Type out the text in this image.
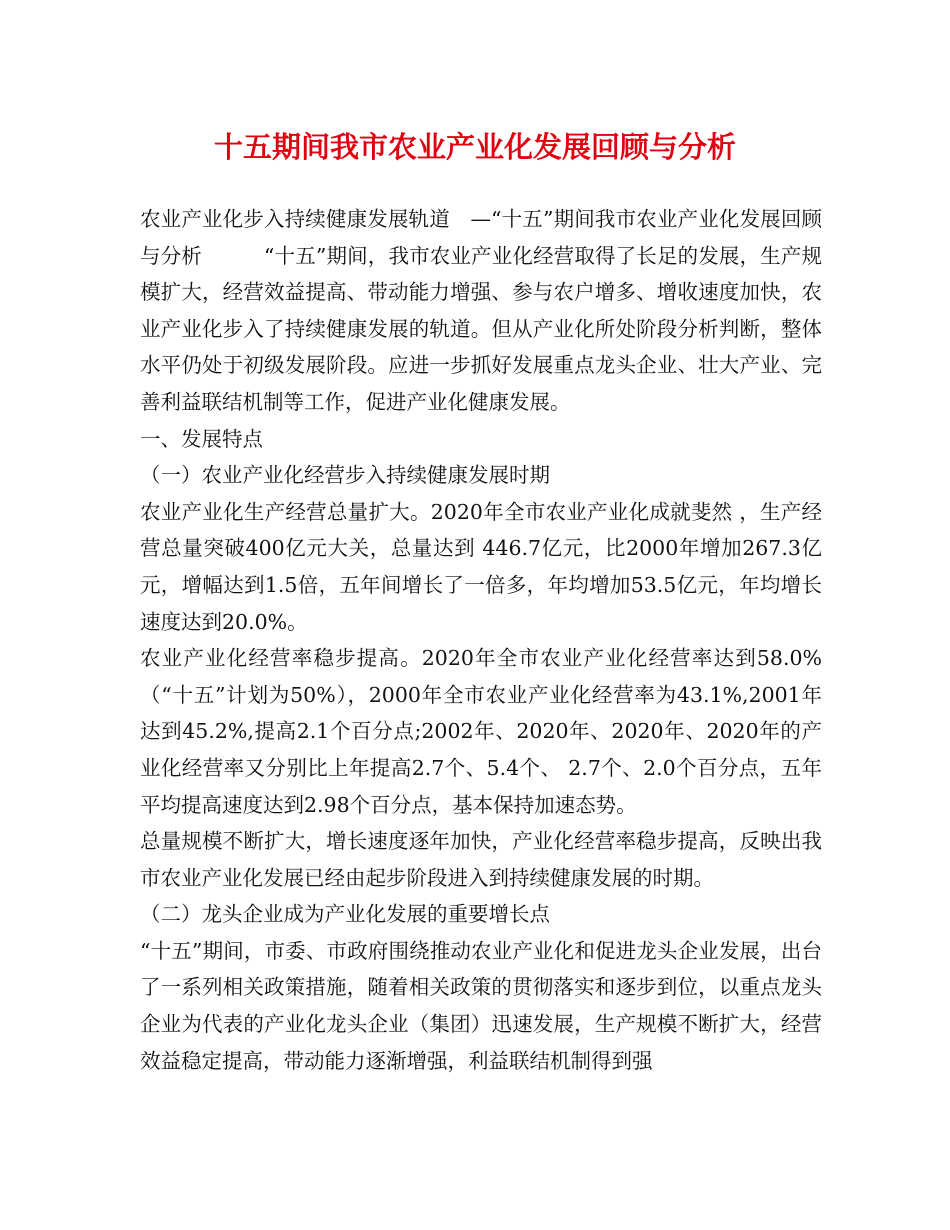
十五期间我市农业产业化发展回顾与分析

农业产业化步入持续健康发展轨道　—“十五”期间我市农业产业化发展回顾与分析　　　“十五”期间，我市农业产业化经营取得了长足的发展，生产规模扩大，经营效益提高、带动能力增强、参与农户增多、增收速度加快，农业产业化步入了持续健康发展的轨道。但从产业化所处阶段分析判断，整体水平仍处于初级发展阶段。应进一步抓好发展重点龙头企业、壮大产业、完善利益联结机制等工作，促进产业化健康发展。

一、发展特点

（一）农业产业化经营步入持续健康发展时期

农业产业化生产经营总量扩大。2020年全市农业产业化成就斐然 ，生产经营总量突破400亿元大关，总量达到 446.7亿元，比2000年增加267.3亿元，增幅达到1.5倍，五年间增长了一倍多，年均增加53.5亿元，年均增长速度达到20.0%。

农业产业化经营率稳步提高。2020年全市农业产业化经营率达到58.0%（“十五”计划为50%），2000年全市农业产业化经营率为43.1%,2001年达到45.2%,提高2.1个百分点;2002年、2020年、2020年、2020年的产业化经营率又分别比上年提高2.7个、5.4个、 2.7个、2.0个百分点，五年平均提高速度达到2.98个百分点，基本保持加速态势。

总量规模不断扩大，增长速度逐年加快，产业化经营率稳步提高，反映出我市农业产业化发展已经由起步阶段进入到持续健康发展的时期。

（二）龙头企业成为产业化发展的重要增长点

“十五”期间，市委、市政府围绕推动农业产业化和促进龙头企业发展，出台了一系列相关政策措施，随着相关政策的贯彻落实和逐步到位，以重点龙头企业为代表的产业化龙头企业（集团）迅速发展，生产规模不断扩大，经营效益稳定提高，带动能力逐渐增强，利益联结机制得到强
